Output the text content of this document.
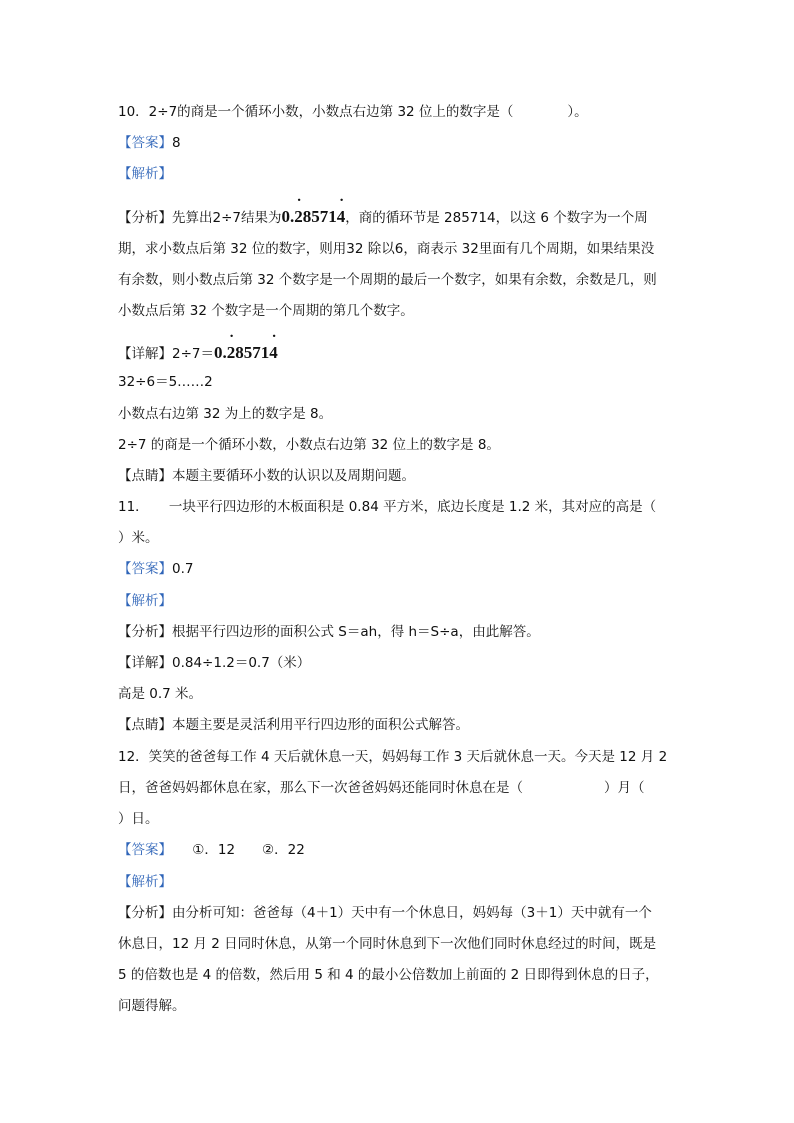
10．2÷7的商是一个循环小数，小数点右边第 32 位上的数字是（　　　　）。
【答案】8
【解析】
【分析】先算出2÷7结果为0.. 28571. 4，商的循环节是 285714，以这 6 个数字为一个周
期，求小数点后第 32 位的数字，则用32 除以6，商表示 32里面有几个周期，如果结果没
有余数，则小数点后第 32 个数字是一个周期的最后一个数字，如果有余数，余数是几，则
小数点后第 32 个数字是一个周期的第几个数字。
【详解】2÷7＝0.. 28571. 4
32÷6＝5……2
小数点右边第 32 为上的数字是 8。
2÷7 的商是一个循环小数，小数点右边第 32 位上的数字是 8。
【点睛】本题主要循环小数的认识以及周期问题。
11．　　一块平行四边形的木板面积是 0.84 平方米，底边长度是 1.2 米，其对应的高是（
）米。
【答案】0.7
【解析】
【分析】根据平行四边形的面积公式 S＝ah，得 h＝S÷a，由此解答。
【详解】0.84÷1.2＝0.7（米）
高是 0.7 米。
【点睛】本题主要是灵活利用平行四边形的面积公式解答。
12．笑笑的爸爸每工作 4 天后就休息一天，妈妈每工作 3 天后就休息一天。今天是 12 月 2
日，爸爸妈妈都休息在家，那么下一次爸爸妈妈还能同时休息在是（　　　　　　）月（
）日。
【答案】　　①．12　　②．22
【解析】
【分析】由分析可知：爸爸每（4＋1）天中有一个休息日，妈妈每（3＋1）天中就有一个
休息日，12 月 2 日同时休息，从第一个同时休息到下一次他们同时休息经过的时间，既是
5 的倍数也是 4 的倍数，然后用 5 和 4 的最小公倍数加上前面的 2 日即得到休息的日子，
问题得解。
